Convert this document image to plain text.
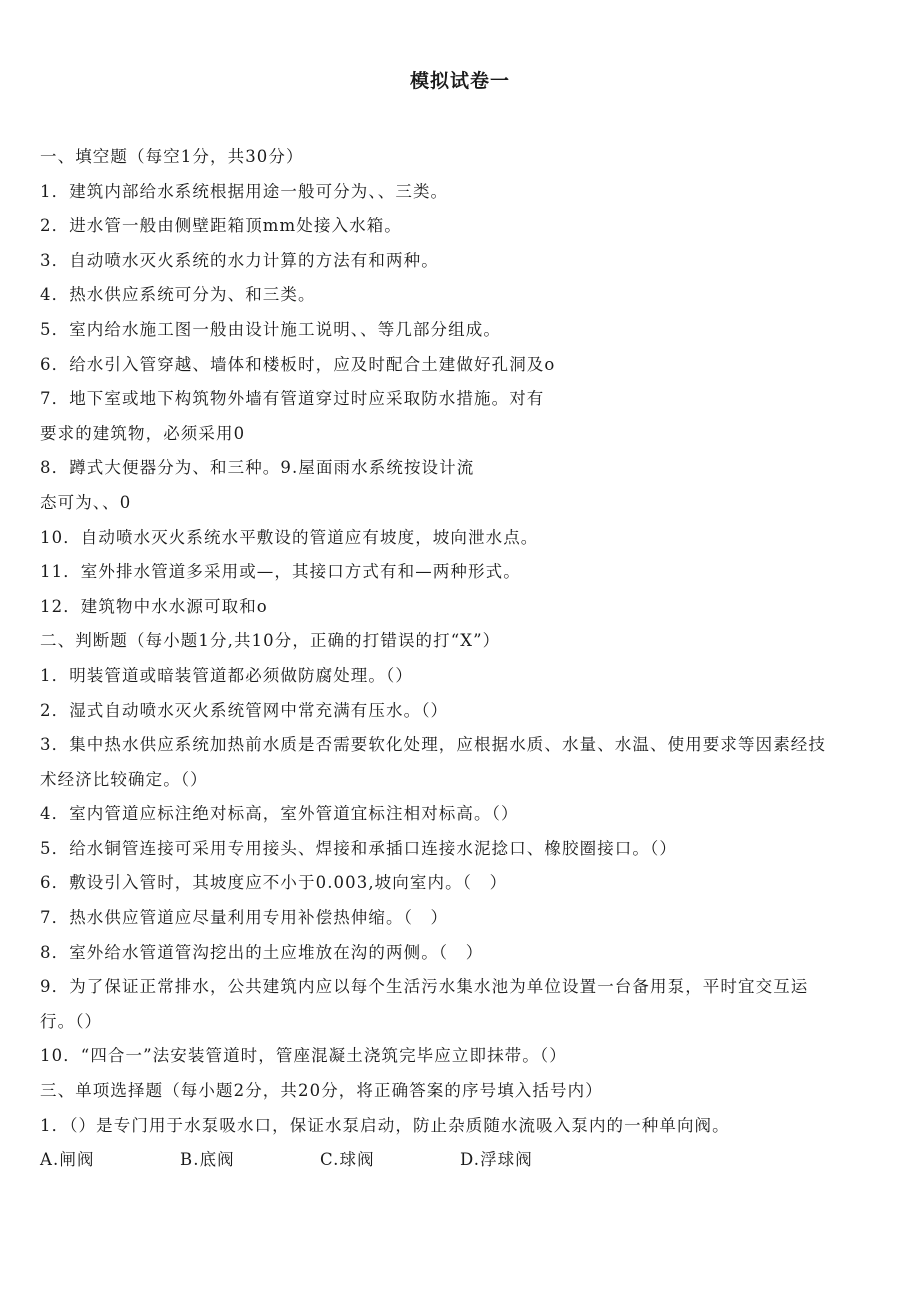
模拟试卷一
一、填空题（每空1分，共30分）
1．建筑内部给水系统根据用途一般可分为、、三类。
2．进水管一般由侧壁距箱顶mm处接入水箱。
3．自动喷水灭火系统的水力计算的方法有和两种。
4．热水供应系统可分为、和三类。
5．室内给水施工图一般由设计施工说明、、等几部分组成。
6．给水引入管穿越、墙体和楼板时，应及时配合土建做好孔洞及o
7．地下室或地下构筑物外墙有管道穿过时应采取防水措施。对有
要求的建筑物，必须采用0
8．蹲式大便器分为、和三种。9.屋面雨水系统按设计流
态可为、、0
10．自动喷水灭火系统水平敷设的管道应有坡度，坡向泄水点。
11．室外排水管道多采用或—，其接口方式有和—两种形式。
12．建筑物中水水源可取和o
二、判断题（每小题1分,共10分，正确的打错误的打“X”）
1．明装管道或暗装管道都必须做防腐处理。（）
2．湿式自动喷水灭火系统管网中常充满有压水。（）
3．集中热水供应系统加热前水质是否需要软化处理，应根据水质、水量、水温、使用要求等因素经技
术经济比较确定。（）
4．室内管道应标注绝对标高，室外管道宜标注相对标高。（）
5．给水铜管连接可采用专用接头、焊接和承插口连接水泥捻口、橡胶圈接口。（）
6．敷设引入管时，其坡度应不小于0.003,坡向室内。（　）
7．热水供应管道应尽量利用专用补偿热伸缩。（　）
8．室外给水管道管沟挖出的土应堆放在沟的两侧。（　）
9．为了保证正常排水，公共建筑内应以每个生活污水集水池为单位设置一台备用泵，平时宜交互运
行。（）
10．“四合一”法安装管道时，管座混凝土浇筑完毕应立即抹带。（）
三、单项选择题（每小题2分，共20分，将正确答案的序号填入括号内）
1．（）是专门用于水泵吸水口，保证水泵启动，防止杂质随水流吸入泵内的一种单向阀。
A.闸阀	B.底阀	C.球阀	D.浮球阀
